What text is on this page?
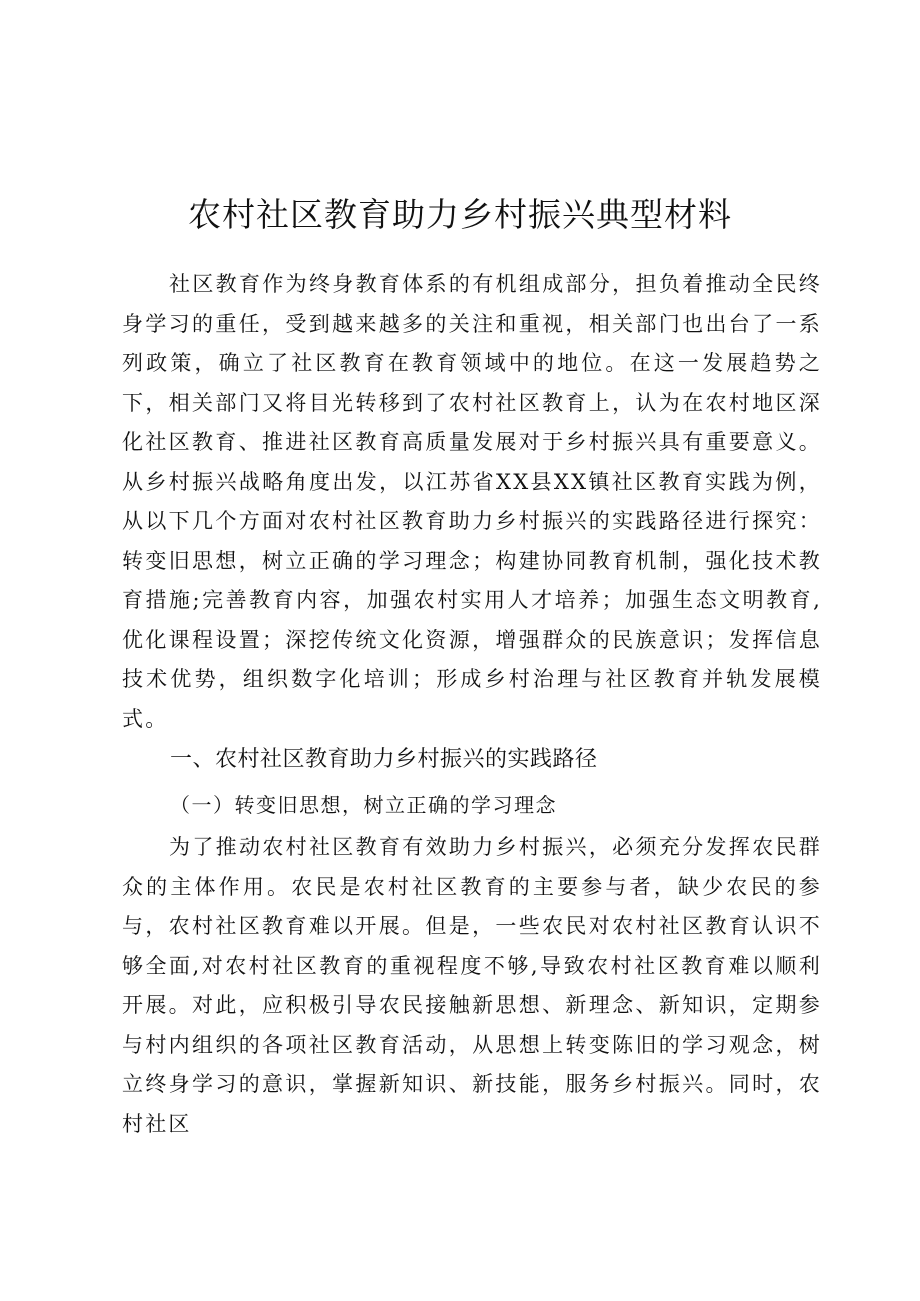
农村社区教育助力乡村振兴典型材料

社区教育作为终身教育体系的有机组成部分，担负着推动全民终身学习的重任，受到越来越多的关注和重视，相关部门也出台了一系列政策，确立了社区教育在教育领域中的地位。在这一发展趋势之下，相关部门又将目光转移到了农村社区教育上，认为在农村地区深化社区教育、推进社区教育高质量发展对于乡村振兴具有重要意义。从乡村振兴战略角度出发，以江苏省XX县XX镇社区教育实践为例，从以下几个方面对农村社区教育助力乡村振兴的实践路径进行探究：转变旧思想，树立正确的学习理念；构建协同教育机制，强化技术教育措施;完善教育内容，加强农村实用人才培养；加强生态文明教育,优化课程设置；深挖传统文化资源，增强群众的民族意识；发挥信息技术优势，组织数字化培训；形成乡村治理与社区教育并轨发展模式。

一、农村社区教育助力乡村振兴的实践路径
（一）转变旧思想，树立正确的学习理念

为了推动农村社区教育有效助力乡村振兴，必须充分发挥农民群众的主体作用。农民是农村社区教育的主要参与者，缺少农民的参与，农村社区教育难以开展。但是，一些农民对农村社区教育认识不够全面,对农村社区教育的重视程度不够,导致农村社区教育难以顺利开展。对此，应积极引导农民接触新思想、新理念、新知识，定期参与村内组织的各项社区教育活动，从思想上转变陈旧的学习观念，树立终身学习的意识，掌握新知识、新技能，服务乡村振兴。同时，农村社区
